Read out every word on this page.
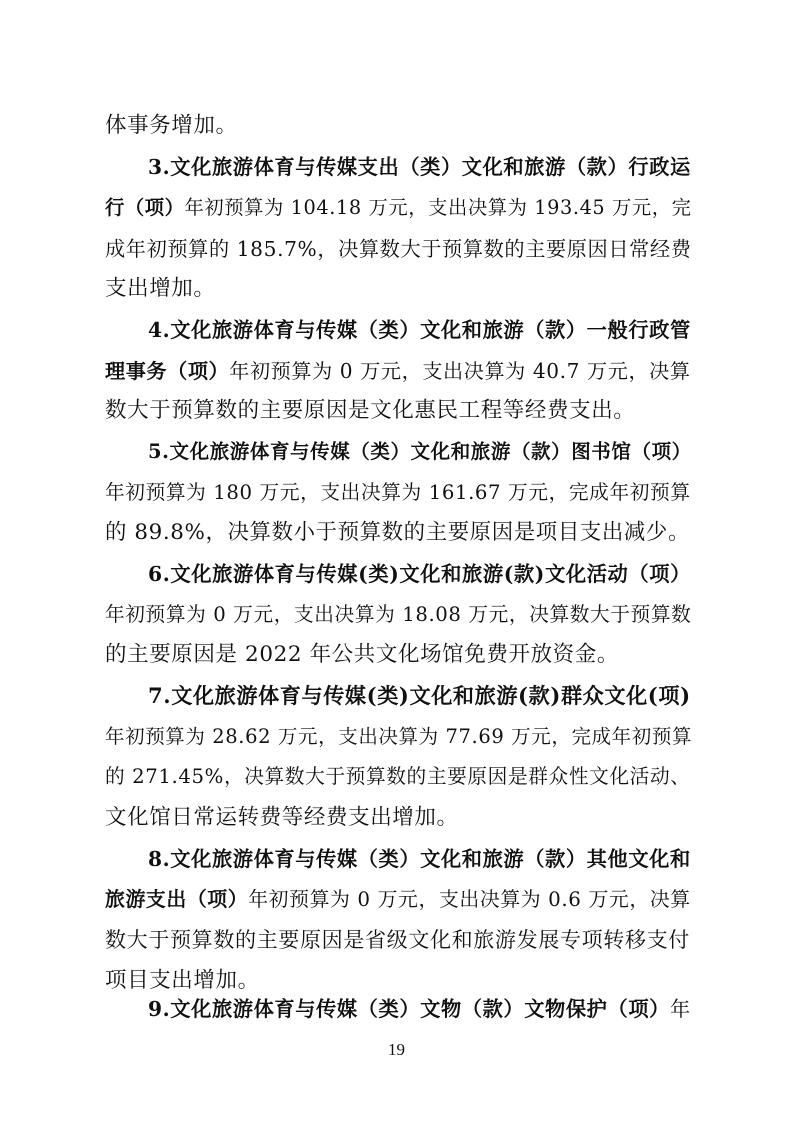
体事务增加。
3.文化旅游体育与传媒支出（类）文化和旅游（款）行政运
行（项）年初预算为 104.18 万元，支出决算为 193.45 万元，完
成年初预算的 185.7%，决算数大于预算数的主要原因日常经费
支出增加。
4.文化旅游体育与传媒（类）文化和旅游（款）一般行政管
理事务（项）年初预算为 0 万元，支出决算为 40.7 万元，决算
数大于预算数的主要原因是文化惠民工程等经费支出。
5.文化旅游体育与传媒（类）文化和旅游（款）图书馆（项）
年初预算为 180 万元，支出决算为 161.67 万元，完成年初预算
的 89.8%，决算数小于预算数的主要原因是项目支出减少。
6.文化旅游体育与传媒(类)文化和旅游(款)文化活动（项）
年初预算为 0 万元，支出决算为 18.08 万元，决算数大于预算数
的主要原因是 2022 年公共文化场馆免费开放资金。
7.文化旅游体育与传媒(类)文化和旅游(款)群众文化(项)
年初预算为 28.62 万元，支出决算为 77.69 万元，完成年初预算
的 271.45%，决算数大于预算数的主要原因是群众性文化活动、
文化馆日常运转费等经费支出增加。
8.文化旅游体育与传媒（类）文化和旅游（款）其他文化和
旅游支出（项）年初预算为 0 万元，支出决算为 0.6 万元，决算
数大于预算数的主要原因是省级文化和旅游发展专项转移支付
项目支出增加。
9.文化旅游体育与传媒（类）文物（款）文物保护（项）年
19
